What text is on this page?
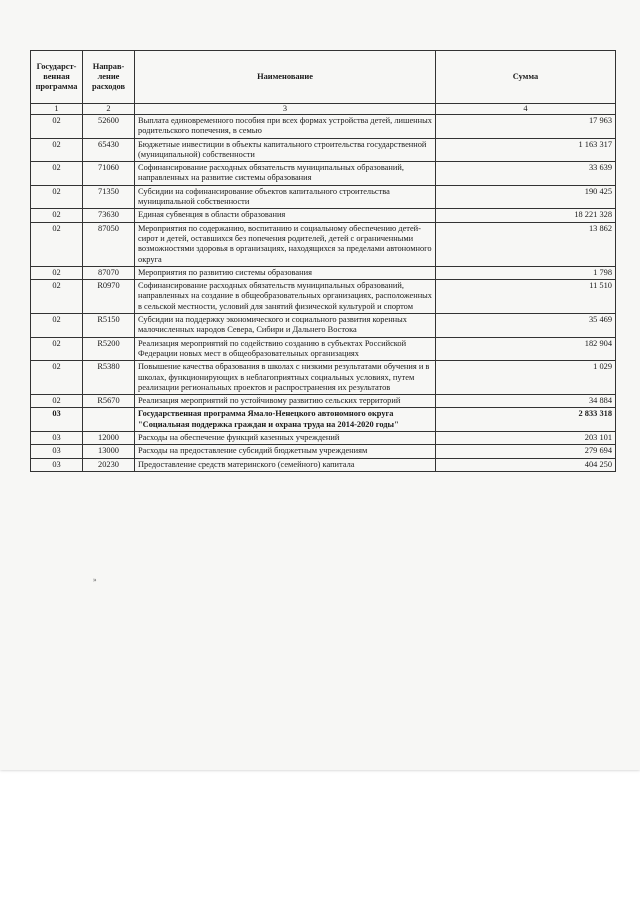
Государст-венная программа	Направ-ление расходов	Наименование	Сумма
1	2	3	4
02	52600	Выплата единовременного пособия при всех формах устройства детей, лишенных родительского попечения, в семью	17 963
02	65430	Бюджетные инвестиции в объекты капитального строительства государственной (муниципальной) собственности	1 163 317
02	71060	Софинансирование расходных обязательств муниципальных образований, направленных на развитие системы образования	33 639
02	71350	Субсидии на софинансирование объектов капитального строительства муниципальной собственности	190 425
02	73630	Единая субвенция в области образования	18 221 328
02	87050	Мероприятия по содержанию, воспитанию и социальному обеспечению детей-сирот и детей, оставшихся без попечения родителей, детей с ограниченными возможностями здоровья в организациях, находящихся за пределами автономного округа	13 862
02	87070	Мероприятия по развитию системы образования	1 798
02	R0970	Софинансирование расходных обязательств муниципальных образований, направленных на создание в общеобразовательных организациях, расположенных в сельской местности, условий для занятий физической культурой и спортом	11 510
02	R5150	Субсидии на поддержку экономического и социального развития коренных малочисленных народов Севера, Сибири и Дальнего Востока	35 469
02	R5200	Реализация мероприятий по содействию созданию в субъектах Российской Федерации новых мест в общеобразовательных организациях	182 904
02	R5380	Повышение качества образования в школах с низкими результатами обучения и в школах, функционирующих в неблагоприятных социальных условиях, путем реализации региональных проектов и распространения их результатов	1 029
02	R5670	Реализация мероприятий по устойчивому развитию сельских территорий	34 884
03		Государственная программа Ямало-Ненецкого автономного округа "Социальная поддержка граждан и охрана труда на 2014-2020 годы"	2 833 318
03	12000	Расходы на обеспечение функций казенных учреждений	203 101
03	13000	Расходы на предоставление субсидий бюджетным учреждениям	279 694
03	20230	Предоставление средств материнского (семейного) капитала	404 250
»
